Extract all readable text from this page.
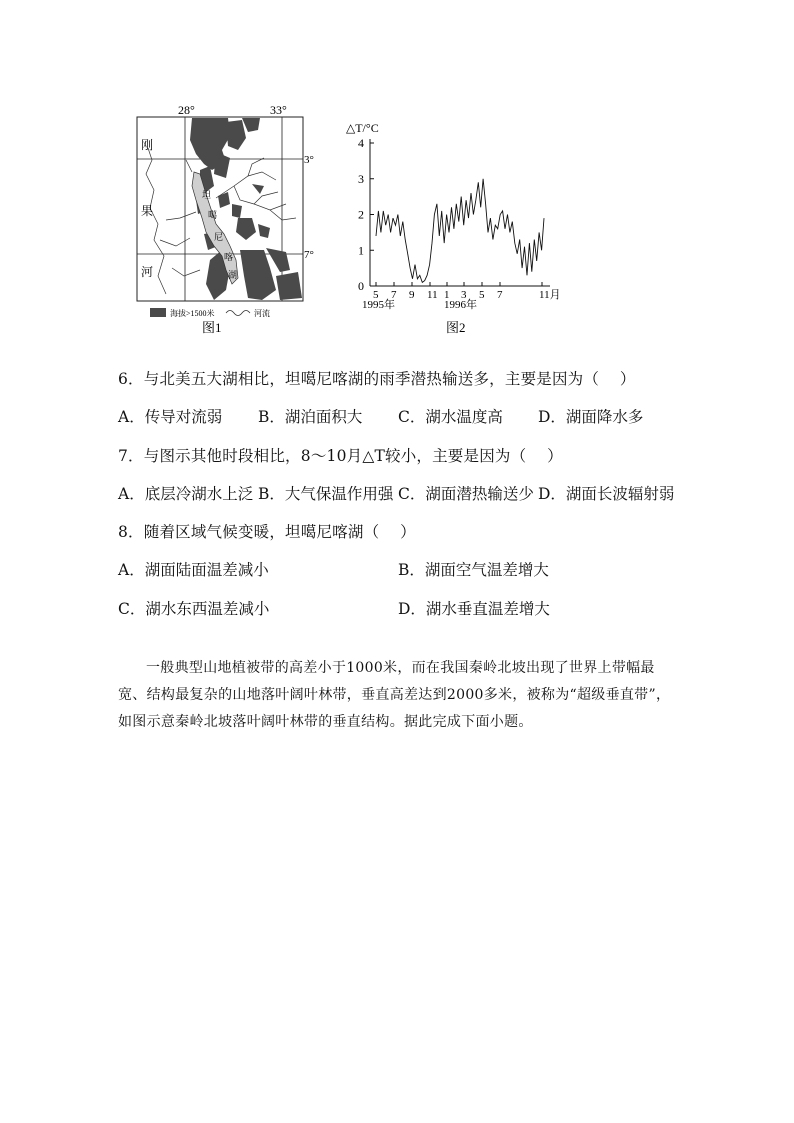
28°	33°
3°
7°
刚
果
河
坦
噶
尼
喀
湖
海拔>1500米	河流
图1
△T/°C
4
3
2
1
0
5 7 9 11 1 3 5 7	11月
1995年	1996年
图2
6．与北美五大湖相比，坦噶尼喀湖的雨季潜热输送多，主要是因为（　 ）
A．传导对流弱 B．湖泊面积大 C．湖水温度高 D．湖面降水多
7．与图示其他时段相比，8～10月△T较小，主要是因为（　 ）
A．底层冷湖水上泛 B．大气保温作用强 C．湖面潜热输送少 D．湖面长波辐射弱
8．随着区域气候变暖，坦噶尼喀湖（　 ）
A．湖面陆面温差减小	B．湖面空气温差增大
C．湖水东西温差减小	D．湖水垂直温差增大
一般典型山地植被带的高差小于1000米，而在我国秦岭北坡出现了世界上带幅最宽、结构最复杂的山地落叶阔叶林带，垂直高差达到2000多米，被称为“超级垂直带”，如图示意秦岭北坡落叶阔叶林带的垂直结构。据此完成下面小题。
